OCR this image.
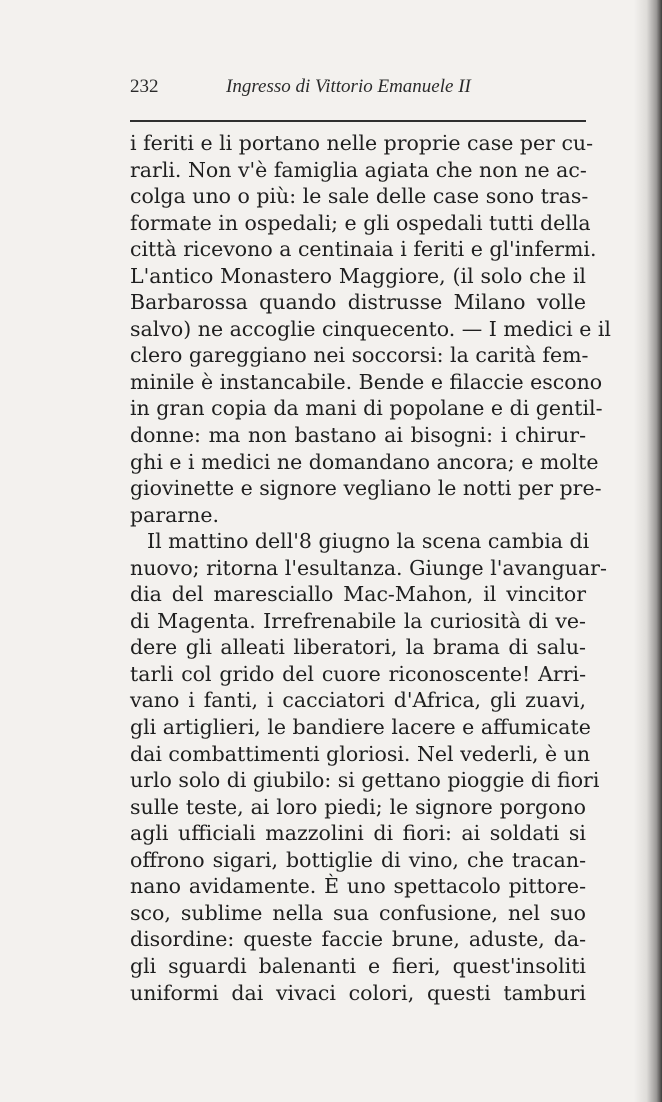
232	Ingresso di Vittorio Emanuele II
i feriti e li portano nelle proprie case per cu-
rarli. Non v'è famiglia agiata che non ne ac-
colga uno o più: le sale delle case sono tras-
formate in ospedali; e gli ospedali tutti della
città ricevono a centinaia i feriti e gl'infermi.
L'antico Monastero Maggiore, (il solo che il
Barbarossa quando distrusse Milano volle
salvo) ne accoglie cinquecento. — I medici e il
clero gareggiano nei soccorsi: la carità fem-
minile è instancabile. Bende e filaccie escono
in gran copia da mani di popolane e di gentil-
donne: ma non bastano ai bisogni: i chirur-
ghi e i medici ne domandano ancora; e molte
giovinette e signore vegliano le notti per pre-
pararne.
Il mattino dell'8 giugno la scena cambia di
nuovo; ritorna l'esultanza. Giunge l'avanguar-
dia del maresciallo Mac-Mahon, il vincitor
di Magenta. Irrefrenabile la curiosità di ve-
dere gli alleati liberatori, la brama di salu-
tarli col grido del cuore riconoscente! Arri-
vano i fanti, i cacciatori d'Africa, gli zuavi,
gli artiglieri, le bandiere lacere e affumicate
dai combattimenti gloriosi. Nel vederli, è un
urlo solo di giubilo: si gettano pioggie di fiori
sulle teste, ai loro piedi; le signore porgono
agli ufficiali mazzolini di fiori: ai soldati si
offrono sigari, bottiglie di vino, che tracan-
nano avidamente. È uno spettacolo pittore-
sco, sublime nella sua confusione, nel suo
disordine: queste faccie brune, aduste, da-
gli sguardi balenanti e fieri, quest'insoliti
uniformi dai vivaci colori, questi tamburi
